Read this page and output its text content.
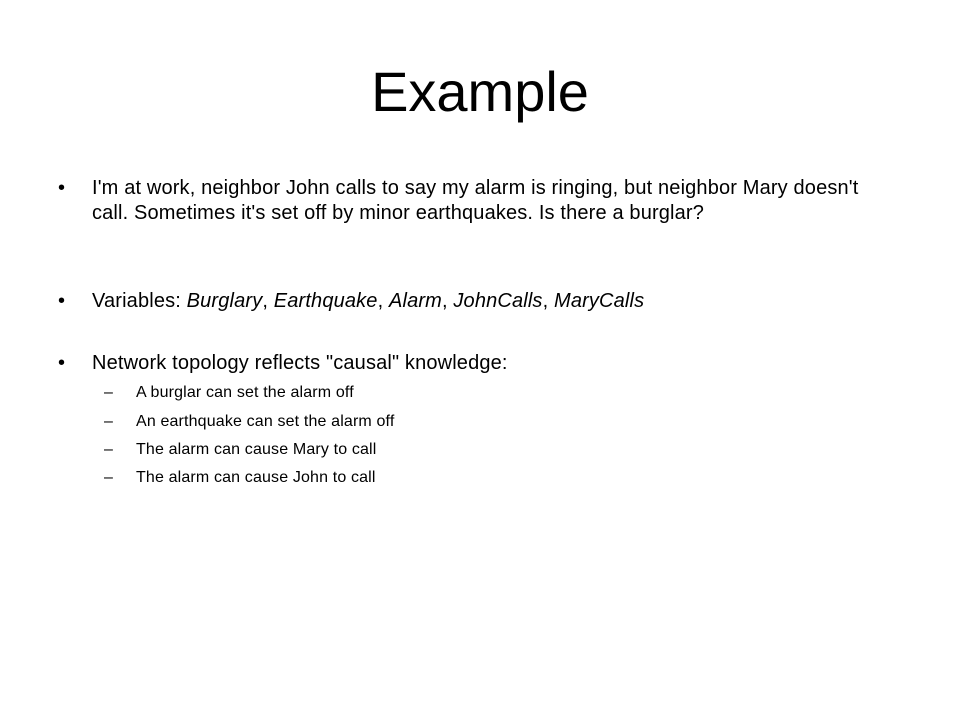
Example
•	I'm at work, neighbor John calls to say my alarm is ringing, but neighbor Mary doesn't call. Sometimes it's set off by minor earthquakes. Is there a burglar?
•	Variables: Burglary, Earthquake, Alarm, JohnCalls, MaryCalls
•	Network topology reflects "causal" knowledge:
–	A burglar can set the alarm off
–	An earthquake can set the alarm off
–	The alarm can cause Mary to call
–	The alarm can cause John to call
